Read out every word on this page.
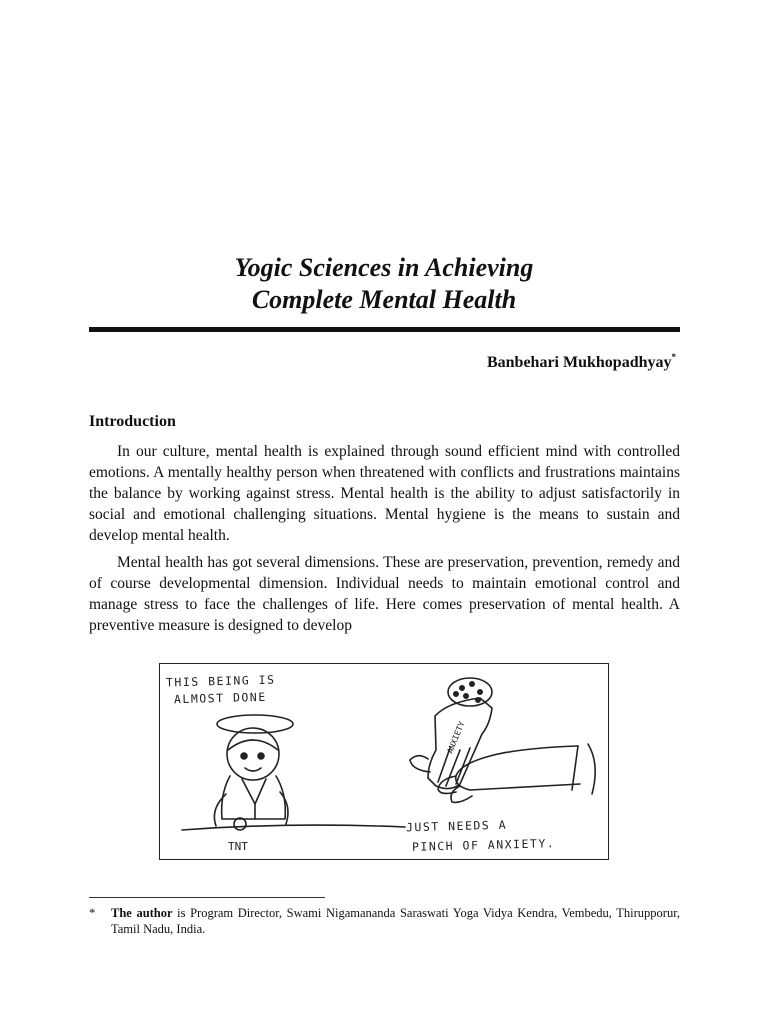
Yogic Sciences in Achieving
Complete Mental Health
Banbehari Mukhopadhyay*
Introduction

In our culture, mental health is explained through sound efficient mind with controlled emotions. A mentally healthy person when threatened with conflicts and frustrations maintains the balance by working against stress. Mental health is the ability to adjust satisfactorily in social and emotional challenging situations. Mental hygiene is the means to sustain and develop mental health.

Mental health has got several dimensions. These are preservation, prevention, remedy and of course developmental dimension. Individual needs to maintain emotional control and manage stress to face the challenges of life. Here comes preservation of mental health. A preventive measure is designed to develop

ANXIETY
TNT
THIS BEING IS
ALMOST DONE
JUST NEEDS A
PINCH OF ANXIETY.
* The author is Program Director, Swami Nigamananda Saraswati Yoga Vidya Kendra, Vembedu, Thirupporur, Tamil Nadu, India.
